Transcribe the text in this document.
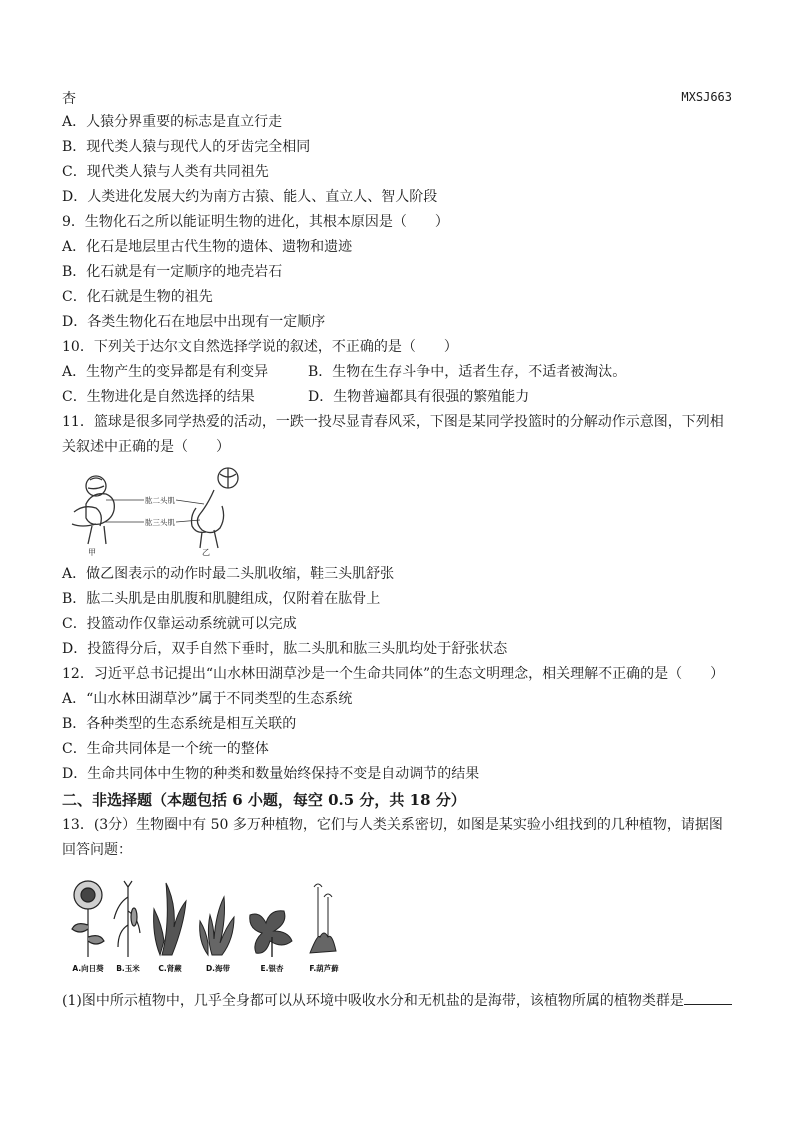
杏	MXSJ663
A．人猿分界重要的标志是直立行走
B．现代类人猿与现代人的牙齿完全相同
C．现代类人猿与人类有共同祖先
D．人类进化发展大约为南方古猿、能人、直立人、智人阶段
9．生物化石之所以能证明生物的进化，其根本原因是（　　）
A．化石是地层里古代生物的遗体、遗物和遗迹
B．化石就是有一定顺序的地壳岩石
C．化石就是生物的祖先
D．各类生物化石在地层中出现有一定顺序
10．下列关于达尔文自然选择学说的叙述，不正确的是（　　）
A．生物产生的变异都是有利变异	B．生物在生存斗争中，适者生存，不适者被淘汰。
C．生物进化是自然选择的结果	D．生物普遍都具有很强的繁殖能力
11．篮球是很多同学热爱的活动，一跌一投尽显青春风采，下图是某同学投篮时的分解动作示意图，下列相关叙述中正确的是（　　）
肱二头肌
肱三头肌
甲	乙
A．做乙图表示的动作时最二头肌收缩，鞋三头肌舒张
B．肱二头肌是由肌腹和肌腱组成，仅附着在肱骨上
C．投篮动作仅靠运动系统就可以完成
D．投篮得分后，双手自然下垂时，肱二头肌和肱三头肌均处于舒张状态
12．习近平总书记提出“山水林田湖草沙是一个生命共同体”的生态文明理念，相关理解不正确的是（　　）
A．“山水林田湖草沙”属于不同类型的生态系统
B．各种类型的生态系统是相互关联的
C．生命共同体是一个统一的整体
D．生命共同体中生物的种类和数量始终保持不变是自动调节的结果
二、非选择题（本题包括 6 小题，每空 0.5 分，共 18 分）
13．(3分）生物圈中有 50 多万种植物，它们与人类关系密切，如图是某实验小组找到的几种植物，请据图回答问题：
A.向日葵 B.玉米 C.肾蕨	D.海带	E.银杏	F.葫芦藓
(1)图中所示植物中，几乎全身都可以从环境中吸收水分和无机盐的是海带，该植物所属的植物类群是
